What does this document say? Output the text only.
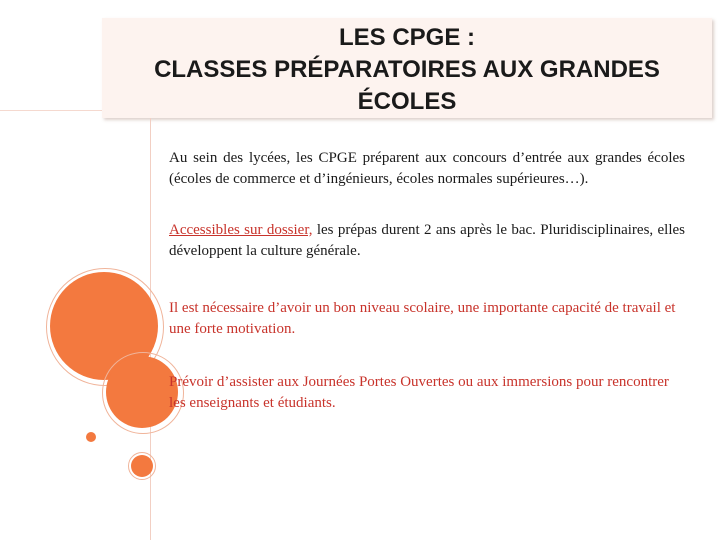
LES CPGE :
CLASSES PRÉPARATOIRES AUX GRANDES
ÉCOLES

Au sein des lycées, les CPGE préparent aux concours d’entrée aux grandes écoles (écoles de commerce et d’ingénieurs, écoles normales supérieures…).

Accessibles sur dossier, les prépas durent 2 ans après le bac. Pluridisciplinaires, elles développent la culture générale.

Il est nécessaire d’avoir un bon niveau scolaire, une importante capacité de travail et une forte motivation.

Prévoir d’assister aux Journées Portes Ouvertes ou aux immersions pour rencontrer les enseignants et étudiants.
